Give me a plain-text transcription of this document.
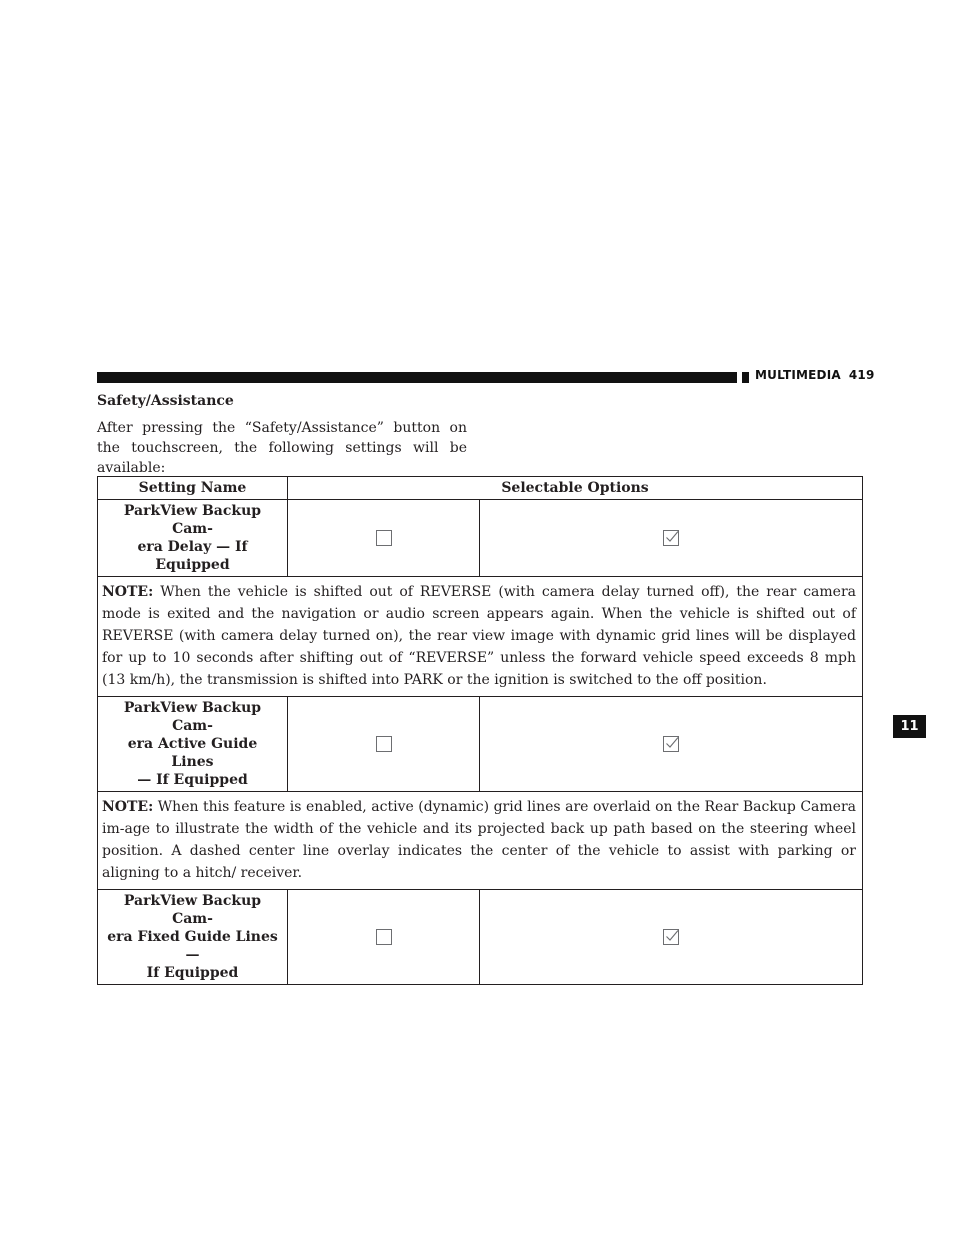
MULTIMEDIA 419
Safety/Assistance
After pressing the “Safety/Assistance” button on the touchscreen, the following settings will be available:
Setting Name	Selectable Options	

ParkView Backup Cam-
era Delay — If Equipped

NOTE: When the vehicle is shifted out of REVERSE (with camera delay turned off), the rear camera mode is exited and the navigation or audio screen appears again. When the vehicle is shifted out of REVERSE (with camera delay turned on), the rear view image with dynamic grid lines will be displayed for up to 10 seconds after shifting out of “REVERSE” unless the forward vehicle speed exceeds 8 mph (13 km/h), the transmission is shifted into PARK or the ignition is switched to the off position.		

ParkView Backup Cam-
era Active Guide Lines
— If Equipped

NOTE: When this feature is enabled, active (dynamic) grid lines are overlaid on the Rear Backup Camera im-age to illustrate the width of the vehicle and its projected back up path based on the steering wheel position. A dashed center line overlay indicates the center of the vehicle to assist with parking or aligning to a hitch/ receiver.		

ParkView Backup Cam-
era Fixed Guide Lines —
If Equipped

11
